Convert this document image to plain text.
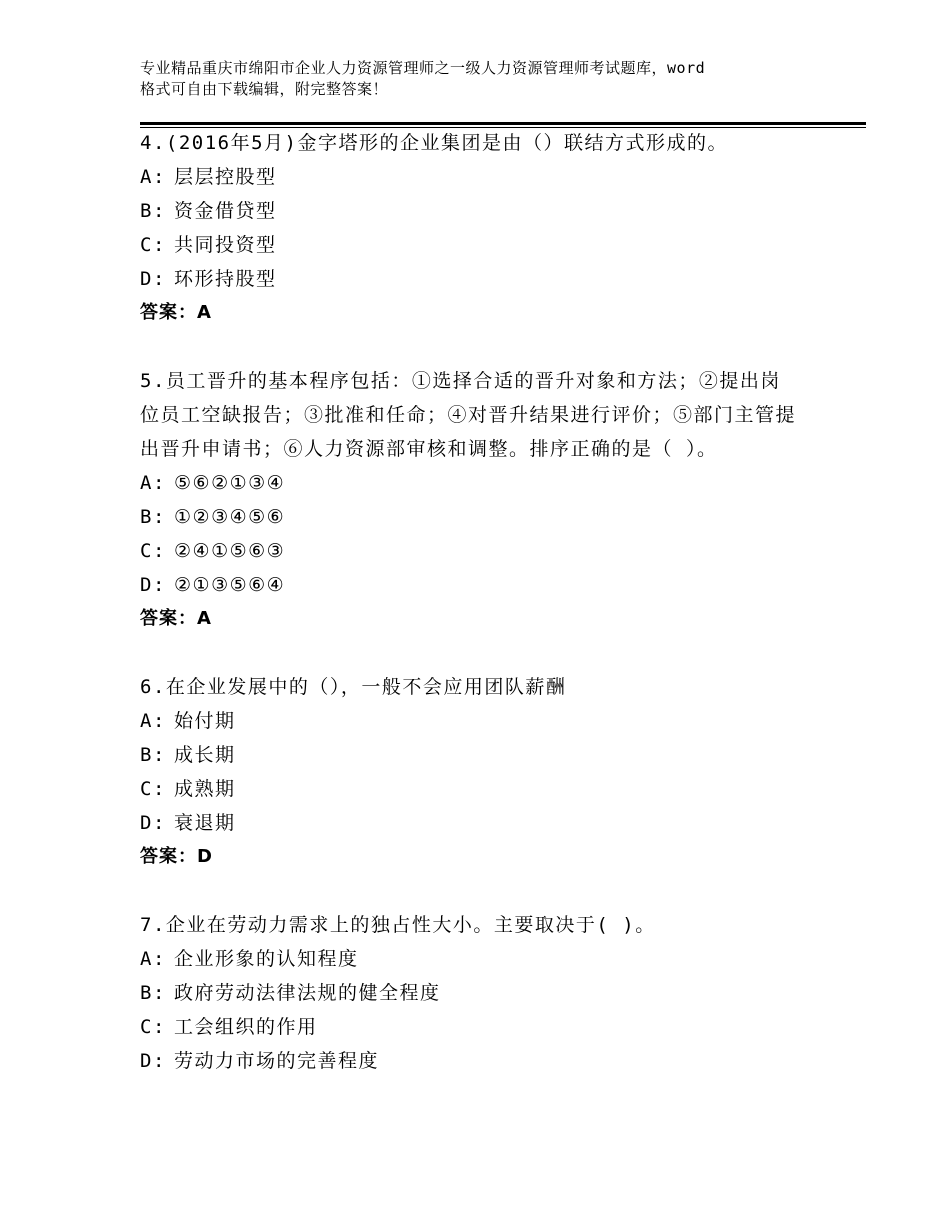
专业精品重庆市绵阳市企业人力资源管理师之一级人力资源管理师考试题库，word
格式可自由下载编辑，附完整答案！

4.(2016年5月)金字塔形的企业集团是由（）联结方式形成的。

A: 层层控股型

B: 资金借贷型

C: 共同投资型

D: 环形持股型

答案：A

5.员工晋升的基本程序包括：①选择合适的晋升对象和方法；②提出岗位员工空缺报告；③批准和任命；④对晋升结果进行评价；⑤部门主管提出晋升申请书；⑥人力资源部审核和调整。排序正确的是（ ）。

A: ⑤⑥②①③④

B: ①②③④⑤⑥

C: ②④①⑤⑥③

D: ②①③⑤⑥④

答案：A

6.在企业发展中的（），一般不会应用团队薪酬

A: 始付期

B: 成长期

C: 成熟期

D: 衰退期

答案：D

7.企业在劳动力需求上的独占性大小。主要取决于( )。

A: 企业形象的认知程度

B: 政府劳动法律法规的健全程度

C: 工会组织的作用

D: 劳动力市场的完善程度
